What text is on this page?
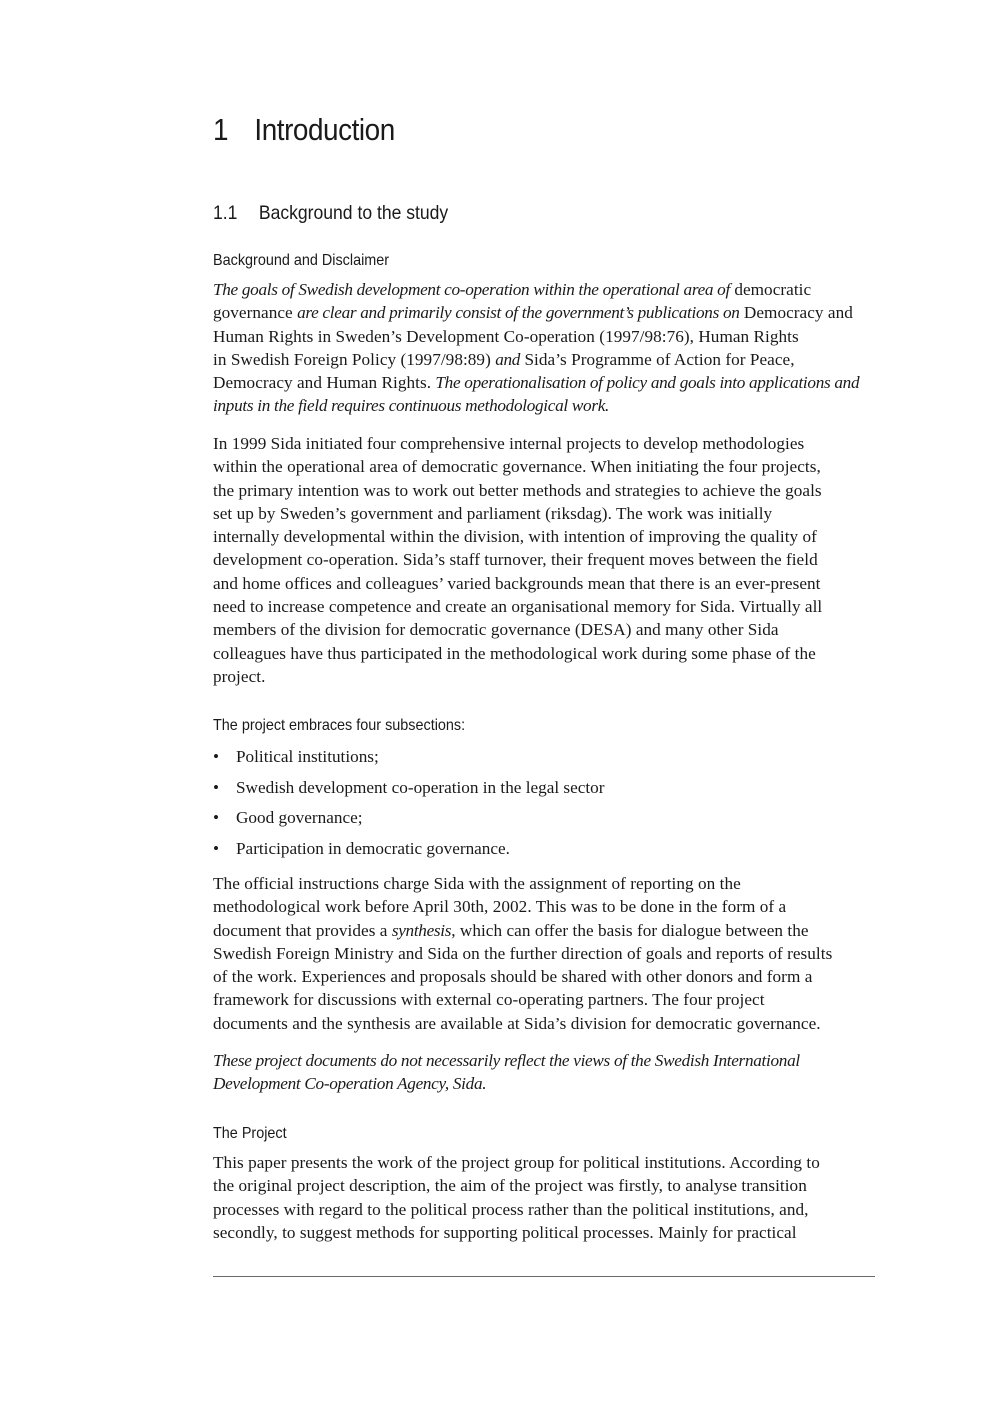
1 Introduction
1.1 Background to the study
Background and Disclaimer
The goals of Swedish development co-operation within the operational area of democratic
governance are clear and primarily consist of the government’s publications on Democracy and
Human Rights in Sweden’s Development Co-operation (1997/98:76), Human Rights
in Swedish Foreign Policy (1997/98:89) and Sida’s Programme of Action for Peace,
Democracy and Human Rights. The operationalisation of policy and goals into applications and
inputs in the field requires continuous methodological work.
In 1999 Sida initiated four comprehensive internal projects to develop methodologies
within the operational area of democratic governance. When initiating the four projects,
the primary intention was to work out better methods and strategies to achieve the goals
set up by Sweden’s government and parliament (riksdag). The work was initially
internally developmental within the division, with intention of improving the quality of
development co-operation. Sida’s staff turnover, their frequent moves between the field
and home offices and colleagues’ varied backgrounds mean that there is an ever-present
need to increase competence and create an organisational memory for Sida. Virtually all
members of the division for democratic governance (DESA) and many other Sida
colleagues have thus participated in the methodological work during some phase of the
project.
The project embraces four subsections:
• Political institutions;
• Swedish development co-operation in the legal sector
• Good governance;
• Participation in democratic governance.
The official instructions charge Sida with the assignment of reporting on the
methodological work before April 30th, 2002. This was to be done in the form of a
document that provides a synthesis, which can offer the basis for dialogue between the
Swedish Foreign Ministry and Sida on the further direction of goals and reports of results
of the work. Experiences and proposals should be shared with other donors and form a
framework for discussions with external co-operating partners. The four project
documents and the synthesis are available at Sida’s division for democratic governance.
These project documents do not necessarily reflect the views of the Swedish International
Development Co-operation Agency, Sida.
The Project
This paper presents the work of the project group for political institutions. According to
the original project description, the aim of the project was firstly, to analyse transition
processes with regard to the political process rather than the political institutions, and,
secondly, to suggest methods for supporting political processes. Mainly for practical
